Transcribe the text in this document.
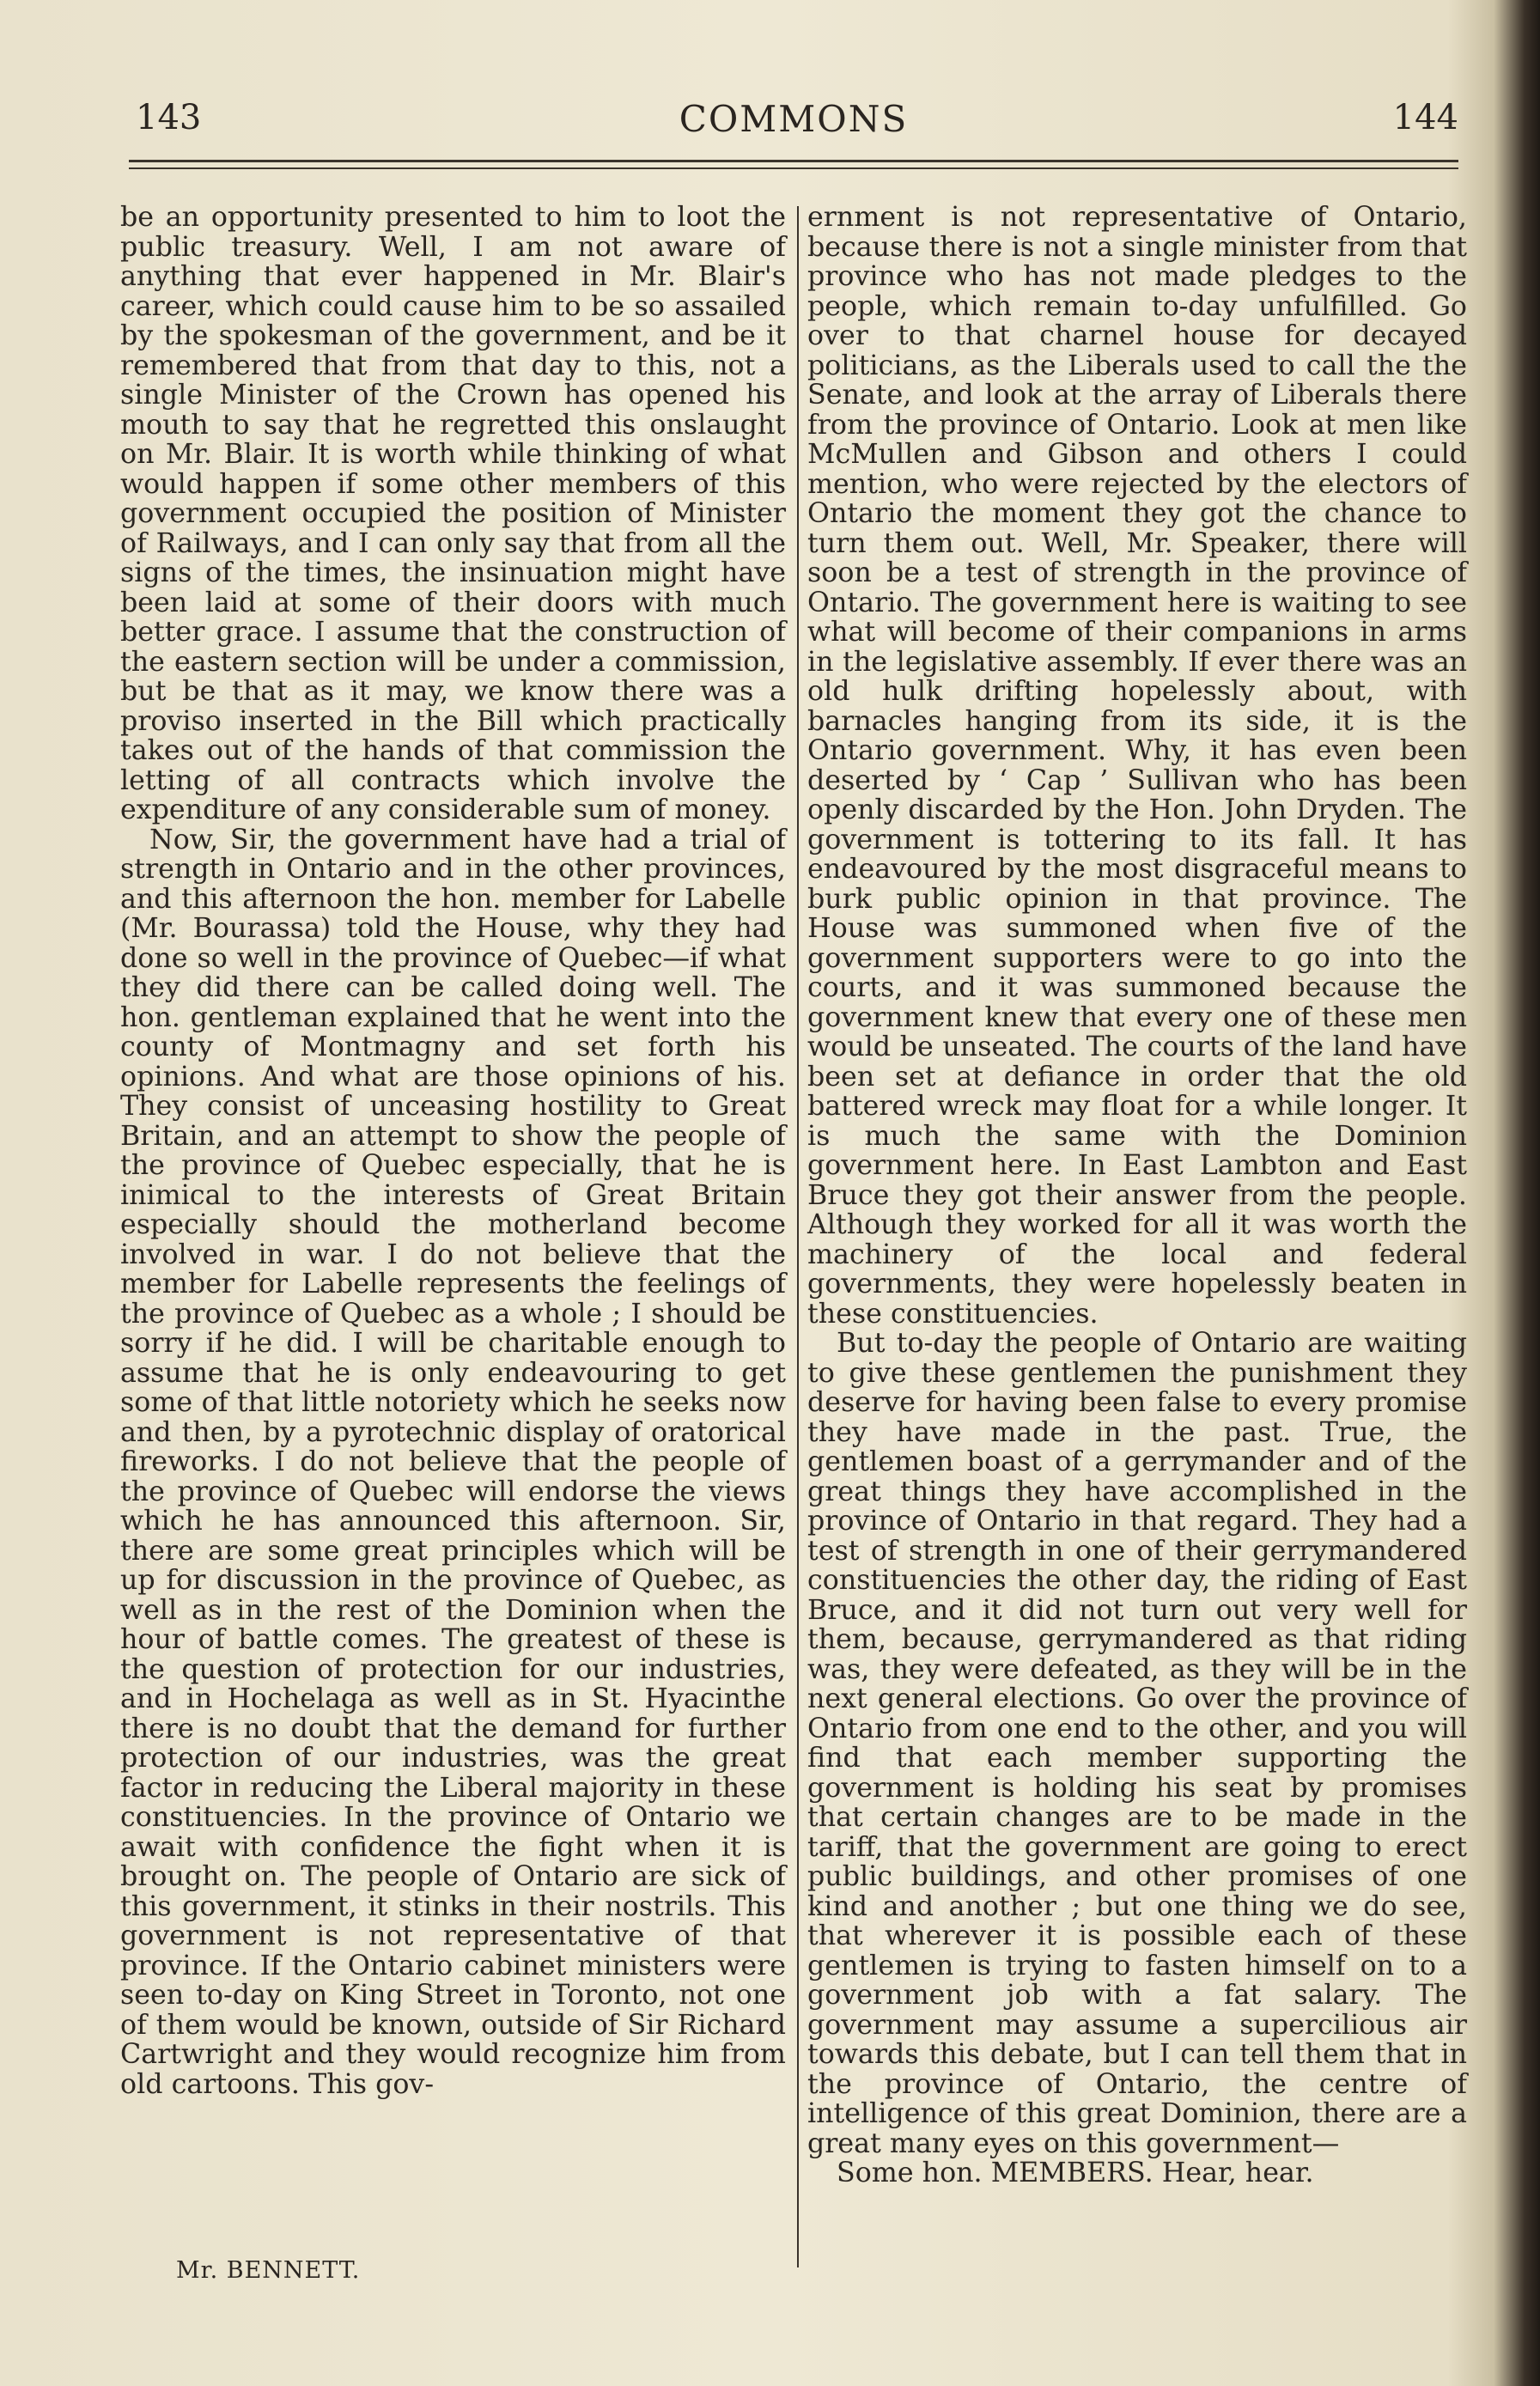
143	COMMONS	144

be an opportunity presented to him to loot the public treasury. Well, I am not aware of anything that ever happened in Mr. Blair's career, which could cause him to be so assailed by the spokesman of the government, and be it remembered that from that day to this, not a single Minister of the Crown has opened his mouth to say that he regretted this onslaught on Mr. Blair. It is worth while thinking of what would happen if some other members of this government occupied the position of Minister of Railways, and I can only say that from all the signs of the times, the insinuation might have been laid at some of their doors with much better grace. I assume that the construction of the eastern section will be under a commission, but be that as it may, we know there was a proviso inserted in the Bill which practically takes out of the hands of that commission the letting of all contracts which involve the expenditure of any considerable sum of money.

Now, Sir, the government have had a trial of strength in Ontario and in the other provinces, and this afternoon the hon. member for Labelle (Mr. Bourassa) told the House, why they had done so well in the province of Quebec—if what they did there can be called doing well. The hon. gentleman explained that he went into the county of Montmagny and set forth his opinions. And what are those opinions of his. They consist of unceasing hostility to Great Britain, and an attempt to show the people of the province of Quebec especially, that he is inimical to the interests of Great Britain especially should the motherland become involved in war. I do not believe that the member for Labelle represents the feelings of the province of Quebec as a whole ; I should be sorry if he did. I will be charitable enough to assume that he is only endeavouring to get some of that little notoriety which he seeks now and then, by a pyrotechnic display of oratorical fireworks. I do not believe that the people of the province of Quebec will endorse the views which he has announced this afternoon. Sir, there are some great principles which will be up for discussion in the province of Quebec, as well as in the rest of the Dominion when the hour of battle comes. The greatest of these is the question of protection for our industries, and in Hochelaga as well as in St. Hyacinthe there is no doubt that the demand for further protection of our industries, was the great factor in reducing the Liberal majority in these constituencies. In the province of Ontario we await with confidence the fight when it is brought on. The people of Ontario are sick of this government, it stinks in their nostrils. This government is not representative of that province. If the Ontario cabinet ministers were seen to-day on King Street in Toronto, not one of them would be known, outside of Sir Richard Cartwright and they would recognize him from old cartoons. This gov-

ernment is not representative of Ontario, because there is not a single minister from that province who has not made pledges to the people, which remain to-day unfulfilled. Go over to that charnel house for decayed politicians, as the Liberals used to call the the Senate, and look at the array of Liberals there from the province of Ontario. Look at men like McMullen and Gibson and others I could mention, who were rejected by the electors of Ontario the moment they got the chance to turn them out. Well, Mr. Speaker, there will soon be a test of strength in the province of Ontario. The government here is waiting to see what will become of their companions in arms in the legislative assembly. If ever there was an old hulk drifting hopelessly about, with barnacles hanging from its side, it is the Ontario government. Why, it has even been deserted by ‘ Cap ’ Sullivan who has been openly discarded by the Hon. John Dryden. The government is tottering to its fall. It has endeavoured by the most disgraceful means to burk public opinion in that province. The House was summoned when five of the government supporters were to go into the courts, and it was summoned because the government knew that every one of these men would be unseated. The courts of the land have been set at defiance in order that the old battered wreck may float for a while longer. It is much the same with the Dominion government here. In East Lambton and East Bruce they got their answer from the people. Although they worked for all it was worth the machinery of the local and federal governments, they were hopelessly beaten in these constituencies.

But to-day the people of Ontario are waiting to give these gentlemen the punishment they deserve for having been false to every promise they have made in the past. True, the gentlemen boast of a gerrymander and of the great things they have accomplished in the province of Ontario in that regard. They had a test of strength in one of their gerrymandered constituencies the other day, the riding of East Bruce, and it did not turn out very well for them, because, gerrymandered as that riding was, they were defeated, as they will be in the next general elections. Go over the province of Ontario from one end to the other, and you will find that each member supporting the government is holding his seat by promises that certain changes are to be made in the tariff, that the government are going to erect public buildings, and other promises of one kind and another ; but one thing we do see, that wherever it is possible each of these gentlemen is trying to fasten himself on to a government job with a fat salary. The government may assume a supercilious air towards this debate, but I can tell them that in the province of Ontario, the centre of intelligence of this great Dominion, there are a great many eyes on this government—

Some hon. MEMBERS. Hear, hear.

Mr. BENNETT.
